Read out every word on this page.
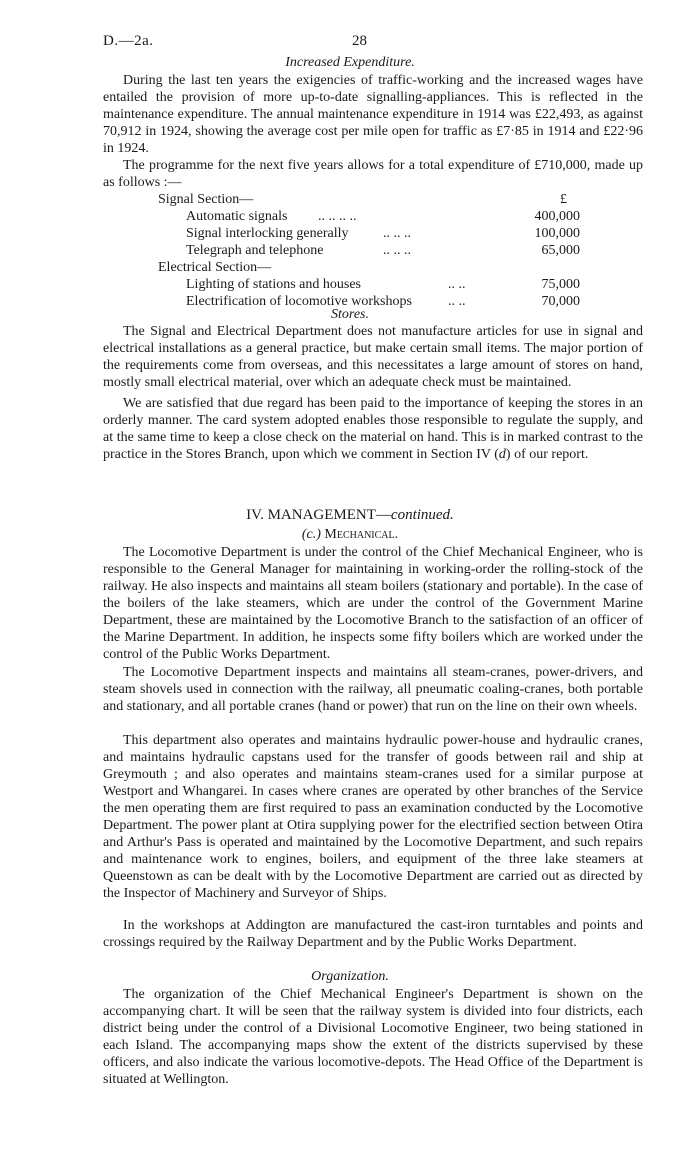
D.—2a.	28
Increased Expenditure.

During the last ten years the exigencies of traffic-working and the increased wages have entailed the provision of more up-to-date signalling-appliances. This is reflected in the maintenance expenditure. The annual maintenance expenditure in 1914 was £22,493, as against 70,912 in 1924, showing the average cost per mile open for traffic as £7·85 in 1914 and £22·96 in 1924.

The programme for the next five years allows for a total expenditure of £710,000, made up as follows :—

£
Signal Section—
Automatic signals .. .. .. ..	400,000
Signal interlocking generally .. .. ..	100,000
Telegraph and telephone	.. .. ..	65,000
Electrical Section—
Lighting of stations and houses	.. ..	75,000
Electrification of locomotive workshops	.. ..	70,000
Stores.

The Signal and Electrical Department does not manufacture articles for use in signal and electrical installations as a general practice, but make certain small items. The major portion of the requirements come from overseas, and this necessitates a large amount of stores on hand, mostly small electrical material, over which an adequate check must be maintained.

We are satisfied that due regard has been paid to the importance of keeping the stores in an orderly manner. The card system adopted enables those responsible to regulate the supply, and at the same time to keep a close check on the material on hand. This is in marked contrast to the practice in the Stores Branch, upon which we comment in Section IV (d) of our report.

IV. MANAGEMENT—continued.
(c.) Mechanical.

The Locomotive Department is under the control of the Chief Mechanical Engineer, who is responsible to the General Manager for maintaining in working-order the rolling-stock of the railway. He also inspects and maintains all steam boilers (stationary and portable). In the case of the boilers of the lake steamers, which are under the control of the Government Marine Department, these are maintained by the Locomotive Branch to the satisfaction of an officer of the Marine Department. In addition, he inspects some fifty boilers which are worked under the control of the Public Works Department.

The Locomotive Department inspects and maintains all steam-cranes, power-drivers, and steam shovels used in connection with the railway, all pneumatic coaling-cranes, both portable and stationary, and all portable cranes (hand or power) that run on the line on their own wheels.

This department also operates and maintains hydraulic power-house and hydraulic cranes, and maintains hydraulic capstans used for the transfer of goods between rail and ship at Greymouth ; and also operates and maintains steam-cranes used for a similar purpose at Westport and Whangarei. In cases where cranes are operated by other branches of the Service the men operating them are first required to pass an examination conducted by the Locomotive Department. The power plant at Otira supplying power for the electrified section between Otira and Arthur's Pass is operated and maintained by the Locomotive Department, and such repairs and maintenance work to engines, boilers, and equipment of the three lake steamers at Queenstown as can be dealt with by the Locomotive Department are carried out as directed by the Inspector of Machinery and Surveyor of Ships.

In the workshops at Addington are manufactured the cast-iron turntables and points and crossings required by the Railway Department and by the Public Works Department.

Organization.

The organization of the Chief Mechanical Engineer's Department is shown on the accompanying chart. It will be seen that the railway system is divided into four districts, each district being under the control of a Divisional Locomotive Engineer, two being stationed in each Island. The accompanying maps show the extent of the districts supervised by these officers, and also indicate the various locomotive-depots. The Head Office of the Department is situated at Wellington.
